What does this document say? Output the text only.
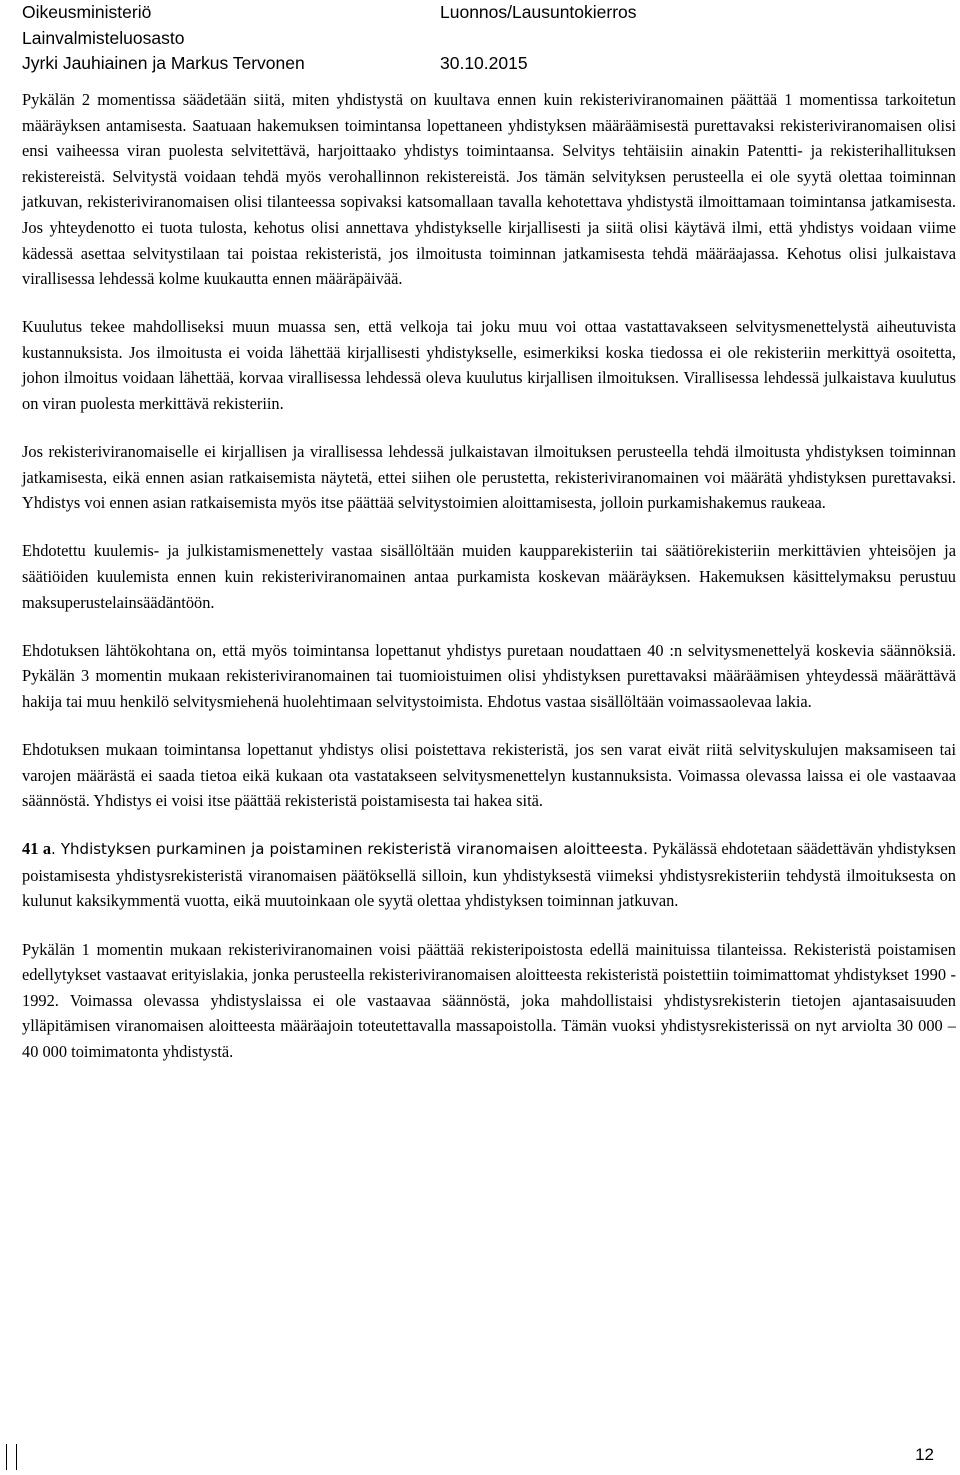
Oikeusministeriö	Luonnos/Lausuntokierros
Lainvalmisteluosasto
Jyrki Jauhiainen ja Markus Tervonen	30.10.2015

Pykälän 2 momentissa säädetään siitä, miten yhdistystä on kuultava ennen kuin rekisteriviranomainen päättää 1 momentissa tarkoitetun määräyksen antamisesta. Saatuaan hakemuksen toimintansa lopettaneen yhdistyksen määräämisestä purettavaksi rekisteriviranomaisen olisi ensi vaiheessa viran puolesta selvitettävä, harjoittaako yhdistys toimintaansa. Selvitys tehtäisiin ainakin Patentti- ja rekisterihallituksen rekistereistä. Selvitystä voidaan tehdä myös verohallinnon rekistereistä. Jos tämän selvityksen perusteella ei ole syytä olettaa toiminnan jatkuvan, rekisteriviranomaisen olisi tilanteessa sopivaksi katsomallaan tavalla kehotettava yhdistystä ilmoittamaan toimintansa jatkamisesta. Jos yhteydenotto ei tuota tulosta, kehotus olisi annettava yhdistykselle kirjallisesti ja siitä olisi käytävä ilmi, että yhdistys voidaan viime kädessä asettaa selvitystilaan tai poistaa rekisteristä, jos ilmoitusta toiminnan jatkamisesta tehdä määräajassa. Kehotus olisi julkaistava virallisessa lehdessä kolme kuukautta ennen määräpäivää.

Kuulutus tekee mahdolliseksi muun muassa sen, että velkoja tai joku muu voi ottaa vastattavakseen selvitysmenettelystä aiheutuvista kustannuksista. Jos ilmoitusta ei voida lähettää kirjallisesti yhdistykselle, esimerkiksi koska tiedossa ei ole rekisteriin merkittyä osoitetta, johon ilmoitus voidaan lähettää, korvaa virallisessa lehdessä oleva kuulutus kirjallisen ilmoituksen. Virallisessa lehdessä julkaistava kuulutus on viran puolesta merkittävä rekisteriin.

Jos rekisteriviranomaiselle ei kirjallisen ja virallisessa lehdessä julkaistavan ilmoituksen perusteella tehdä ilmoitusta yhdistyksen toiminnan jatkamisesta, eikä ennen asian ratkaisemista näytetä, ettei siihen ole perustetta, rekisteriviranomainen voi määrätä yhdistyksen purettavaksi. Yhdistys voi ennen asian ratkaisemista myös itse päättää selvitystoimien aloittamisesta, jolloin purkamishakemus raukeaa.

Ehdotettu kuulemis- ja julkistamismenettely vastaa sisällöltään muiden kaupparekisteriin tai säätiörekisteriin merkittävien yhteisöjen ja säätiöiden kuulemista ennen kuin rekisteriviranomainen antaa purkamista koskevan määräyksen. Hakemuksen käsittelymaksu perustuu maksuperustelainsäädäntöön.

Ehdotuksen lähtökohtana on, että myös toimintansa lopettanut yhdistys puretaan noudattaen 40 :n selvitysmenettelyä koskevia säännöksiä. Pykälän 3 momentin mukaan rekisteriviranomainen tai tuomioistuimen olisi yhdistyksen purettavaksi määräämisen yhteydessä määrättävä hakija tai muu henkilö selvitysmiehenä huolehtimaan selvitystoimista. Ehdotus vastaa sisällöltään voimassaolevaa lakia.

Ehdotuksen mukaan toimintansa lopettanut yhdistys olisi poistettava rekisteristä, jos sen varat eivät riitä selvityskulujen maksamiseen tai varojen määrästä ei saada tietoa eikä kukaan ota vastatakseen selvitysmenettelyn kustannuksista. Voimassa olevassa laissa ei ole vastaavaa säännöstä. Yhdistys ei voisi itse päättää rekisteristä poistamisesta tai hakea sitä.

41 a. Yhdistyksen purkaminen ja poistaminen rekisteristä viranomaisen aloitteesta. Pykälässä ehdotetaan säädettävän yhdistyksen poistamisesta yhdistysrekisteristä viranomaisen päätöksellä silloin, kun yhdistyksestä viimeksi yhdistysrekisteriin tehdystä ilmoituksesta on kulunut kaksikymmentä vuotta, eikä muutoinkaan ole syytä olettaa yhdistyksen toiminnan jatkuvan.

Pykälän 1 momentin mukaan rekisteriviranomainen voisi päättää rekisteripoistosta edellä mainituissa tilanteissa. Rekisteristä poistamisen edellytykset vastaavat erityislakia, jonka perusteella rekisteriviranomaisen aloitteesta rekisteristä poistettiin toimimattomat yhdistykset 1990 - 1992. Voimassa olevassa yhdistyslaissa ei ole vastaavaa säännöstä, joka mahdollistaisi yhdistysrekisterin tietojen ajantasaisuuden ylläpitämisen viranomaisen aloitteesta määräajoin toteutettavalla massapoistolla. Tämän vuoksi yhdistysrekisterissä on nyt arviolta 30 000 – 40 000 toimimatonta yhdistystä.

12
